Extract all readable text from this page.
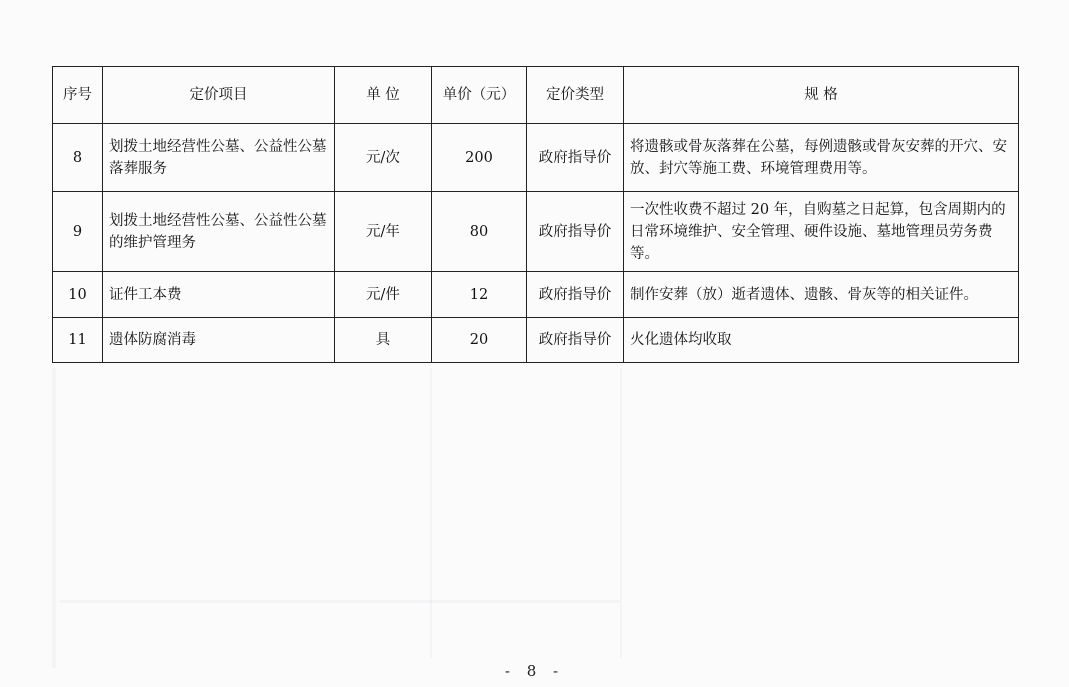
序号	定价项目	单 位	单价（元）	定价类型	规 格
8	划拨土地经营性公墓、公益性公墓落葬服务	元/次	200	政府指导价	将遗骸或骨灰落葬在公墓，每例遗骸或骨灰安葬的开穴、安放、封穴等施工费、环境管理费用等。
9	划拨土地经营性公墓、公益性公墓的维护管理务	元/年	80	政府指导价	一次性收费不超过 20 年，自购墓之日起算，包含周期内的日常环境维护、安全管理、硬件设施、墓地管理员劳务费等。
10	证件工本费	元/件	12	政府指导价	制作安葬（放）逝者遗体、遗骸、骨灰等的相关证件。
11	遗体防腐消毒	具	20	政府指导价	火化遗体均收取
- 8 -
